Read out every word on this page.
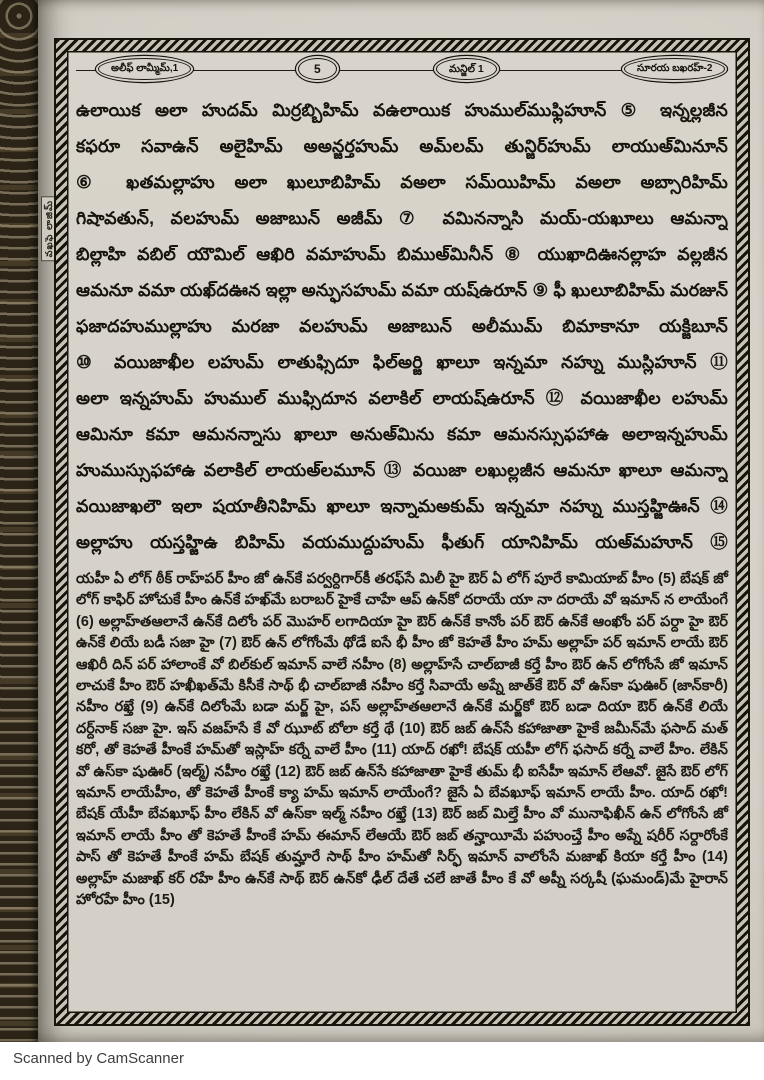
వఖఫె లాజిమ్
అలీఫ్ లామ్మీమ్,1	5	మన్జిల్ 1	సూరయ బఖరహ్-2
ఉలాయిక అలా హుదమ్ మిర్రబ్బిహిమ్ వఉలాయిక హుముల్‌ముఫ్లిహూన్ ⑤ ఇన్నల్లజీన
కఫరూ సవాఉన్ అలైహిమ్ అఅన్జర్తహుమ్ అమ్‌లమ్ తున్జిర్‌హుమ్ లాయుఅ్‌మినూన్
⑥ ఖతమల్లాహు అలా ఖులూబిహిమ్ వఅలా సమ్‌యిహిమ్ వఅలా అబ్సారిహిమ్
గిషావతున్, వలహుమ్ అజాబున్ అజీమ్ ⑦ వమినన్నాసి మయ్-యఖూలు ఆమన్నా
బిల్లాహి వబిల్ యౌమిల్ ఆఖిరి వమాహుమ్ బిముఅ్‌మినీన్ ⑧ యుఖాదిఊనల్లాహ వల్లజీన
ఆమనూ వమా యఖ్‌దఊన ఇల్లా అన్ఫుసహుమ్ వమా యష్ఉరూన్ ⑨ ఫీ ఖులూబిహిమ్ మరజున్
ఫజాదహుముల్లాహు మరజా వలహుమ్ అజాబున్ అలీముమ్ బిమాకానూ యక్జిబూన్
⑩ వయిజాఖీల లహుమ్ లాతుఫ్సిదూ ఫిల్‌అర్జి ఖాలూ ఇన్నమా నహ్ను ముస్లిహూన్ ⑪
అలా ఇన్నహుమ్ హుముల్ ముఫ్సిదూన వలాకిల్ లాయష్ఉరూన్ ⑫ వయిజాఖీల లహుమ్
ఆమినూ కమా ఆమనన్నాసు ఖాలూ అనుఅ్‌మిను కమా ఆమనస్సుఫహాఉ అలాఇన్నహుమ్
హుముస్సుఫహాఉ వలాకిల్ లాయఅ్‌లమూన్ ⑬ వయిజా లఖుల్లజీన ఆమనూ ఖాలూ ఆమన్నా
వయిజాఖలౌ ఇలా షయాతీనిహిమ్ ఖాలూ ఇన్నామఅకుమ్ ఇన్నమా నహ్ను ముస్తహ్జిఊన్ ⑭
అల్లాహు యస్తహ్జిఉ బిహిమ్ వయముద్దుహుమ్ ఫీతుగ్ యానిహిమ్ యఅ్‌మహూన్ ⑮
యహీ ఏ లోగ్ ఠీక్ రాహ్‌పర్ హీం జో ఉన్‌కే పర్వర్దిగార్‌కీ తరఫ్‌సే మిలీ హై ఔర్ ఏ లోగ్ పూరే కామియాబ్ హీం (5) బేషక్ జో లోగ్ కాఫిర్ హోచుకే హీం ఉన్‌కే హఖ్‌మే బరాబర్ హైకే చాహే ఆప్ ఉన్‌కో దరాయే యా నా దరాయే వో ఇమాన్ న లాయేంగే (6) అల్లాహ్‌తఆలానే ఉన్‌కే దిలోం పర్ మొహర్ లగాదియా హై ఔర్ ఉన్‌కే కానోం పర్ ఔర్ ఉన్‌కే ఆంఖోం పర్ పర్దా హై ఔర్ ఉన్‌కే లియే బడీ సజా హై (7) ఔర్ ఉన్ లోగోంమే థోడే ఐసే భీ హీం జో కెహతే హీం హమ్ అల్లాహ్ పర్ ఇమాన్ లాయే ఔర్ ఆఖిరీ దిన్ పర్ హాలాంకే వో బిల్‌కుల్ ఇమాన్ వాలే నహీం (8) అల్లాహ్‌సే చాల్‌బాజీ కర్తే హీం ఔర్ ఉన్ లోగోంసే జో ఇమాన్ లాచుకే హీం ఔర్ హఖీఖత్‌మే కిసీకే సాథ్ భీ చాల్‌బాజీ నహీం కర్తే సివాయే అప్నే జాత్‌కే ఔర్ వో ఉస్‌కా షుఊర్ (జాన్‌కారీ) నహీం రఖ్తే (9) ఉన్‌కే దిలోంమే బడా మర్జ్ హై, పస్ అల్లాహ్‌తఆలానే ఉన్‌కే మర్జ్‌కో ఔర్ బడా దియా ఔర్ ఉన్‌కే లియే దర్ద్‌నాక్ సజా హై. ఇస్ వజహ్‌సే కే వో ఝూట్ బోలా కర్తే థే (10) ఔర్ జబ్ ఉన్‌సే కహాజాతా హైకే జమీన్‌మే ఫసాద్ మత్ కరో, తో కెహతే హీంకే హమ్‌తో ఇస్లాహ్ కర్నే వాలే హీం (11) యాద్ రఖో! బేషక్ యహీ లోగ్ ఫసాద్ కర్నే వాలే హీం. లేకిన్ వో ఉస్‌కా షుఊర్ (ఇల్మ్) నహీం రఖ్తే (12) ఔర్ జబ్ ఉన్‌సే కహాజాతా హైకే తుమ్ భీ ఐసేహీ ఇమాన్ లేఆవో. జైసే ఔర్ లోగ్ ఇమాన్ లాయేహీం, తో కెహతే హీంకే క్యా హమ్ ఇమాన్ లాయేంగే? జైసే ఏ బేవఖూఫ్ ఇమాన్ లాయే హీం. యాద్ రఖో! బేషక్ యేహీ బేవఖూఫ్ హీం లేకిన్ వో ఉస్‌కా ఇల్మ్ నహీం రఖ్తే (13) ఔర్ జబ్ మిల్తే హీం వో మునాఫిఖీన్ ఉన్ లోగోంసే జో ఇమాన్ లాయే హీం తో కెహతే హీంకే హమ్ ఈమాన్ లేఆయే ఔర్ జబ్ తన్హాయీమే పహుంచ్తే హీం అప్నే షరీర్ సర్దారోంకే పాస్ తో కెహతే హీంకే హమ్ బేషక్ తుమ్హారే సాథ్ హీం హమ్‌తో సిర్ఫ్ ఇమాన్ వాలోంసే మజాఖ్ కియా కర్తే హీం (14) అల్లాహ్ మజాఖ్ కర్ రహే హీం ఉన్‌కే సాథ్ ఔర్ ఉన్‌కో ఢీల్ దేతే చలే జాతే హీం కే వో అప్నీ సర్కషీ (ఘమండ్)మే హైరాన్ హోరహే హీం (15)
Scanned by CamScanner
